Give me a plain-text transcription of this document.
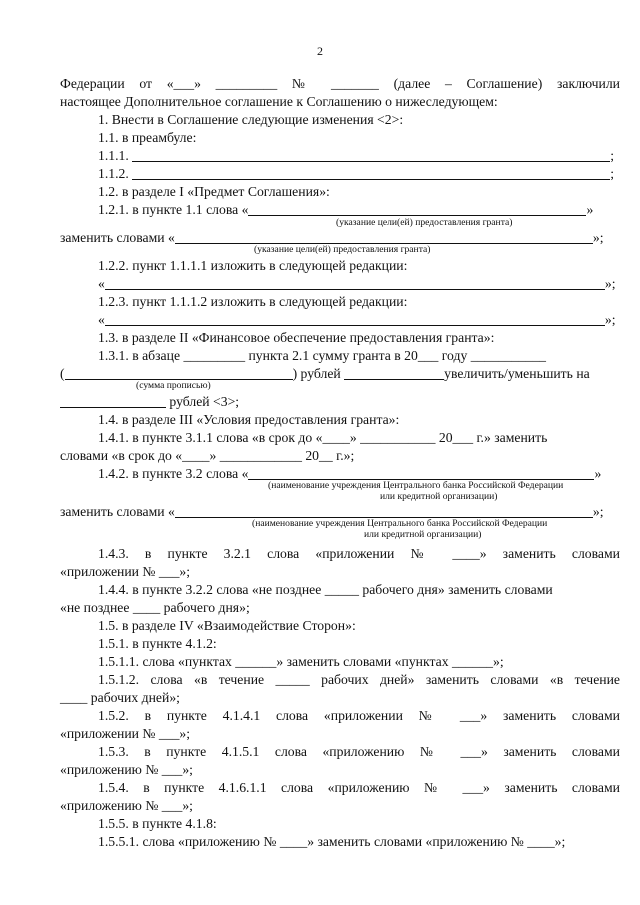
2
Федерации от «___» _________ № _______ (далее – Соглашение) заключили
настоящее Дополнительное соглашение к Соглашению о нижеследующем:
1. Внести в Соглашение следующие изменения <2>:
1.1. в преамбуле:
1.1.1.	;
1.1.2.	;
1.2. в разделе I «Предмет Соглашения»:
1.2.1. в пункте 1.1 слова «	»
(указание цели(ей) предоставления гранта)
заменить словами «	»;
(указание цели(ей) предоставления гранта)
1.2.2. пункт 1.1.1.1 изложить в следующей редакции:
«	»;
1.2.3. пункт 1.1.1.2 изложить в следующей редакции:
«	»;
1.3. в разделе II «Финансовое обеспечение предоставления гранта»:
1.3.1. в абзаце _________ пункта 2.1 сумму гранта в 20___ году ___________
(	) рублей	увеличить/уменьшить на
(сумма прописью)
рублей <3>;
1.4. в разделе III «Условия предоставления гранта»:
1.4.1. в пункте 3.1.1 слова «в срок до «____» ___________ 20___ г.» заменить
словами «в срок до «____» ____________ 20__ г.»;
1.4.2. в пункте 3.2 слова «	»
(наименование учреждения Центрального банка Российской Федерации
или кредитной организации)
заменить словами «	»;
(наименование учреждения Центрального банка Российской Федерации
или кредитной организации)
1.4.3. в пункте 3.2.1 слова «приложении № ____» заменить словами
«приложении № ___»;
1.4.4. в пункте 3.2.2 слова «не позднее _____ рабочего дня» заменить словами
«не позднее ____ рабочего дня»;
1.5. в разделе IV «Взаимодействие Сторон»:
1.5.1. в пункте 4.1.2:
1.5.1.1. слова «пунктах ______» заменить словами «пунктах ______»;
1.5.1.2. слова «в течение _____ рабочих дней» заменить словами «в течение
____ рабочих дней»;
1.5.2. в пункте 4.1.4.1 слова «приложении № ___» заменить словами
«приложении № ___»;
1.5.3. в пункте 4.1.5.1 слова «приложению № ___» заменить словами
«приложению № ___»;
1.5.4. в пункте 4.1.6.1.1 слова «приложению № ___» заменить словами
«приложению № ___»;
1.5.5. в пункте 4.1.8:
1.5.5.1. слова «приложению № ____» заменить словами «приложению № ____»;
